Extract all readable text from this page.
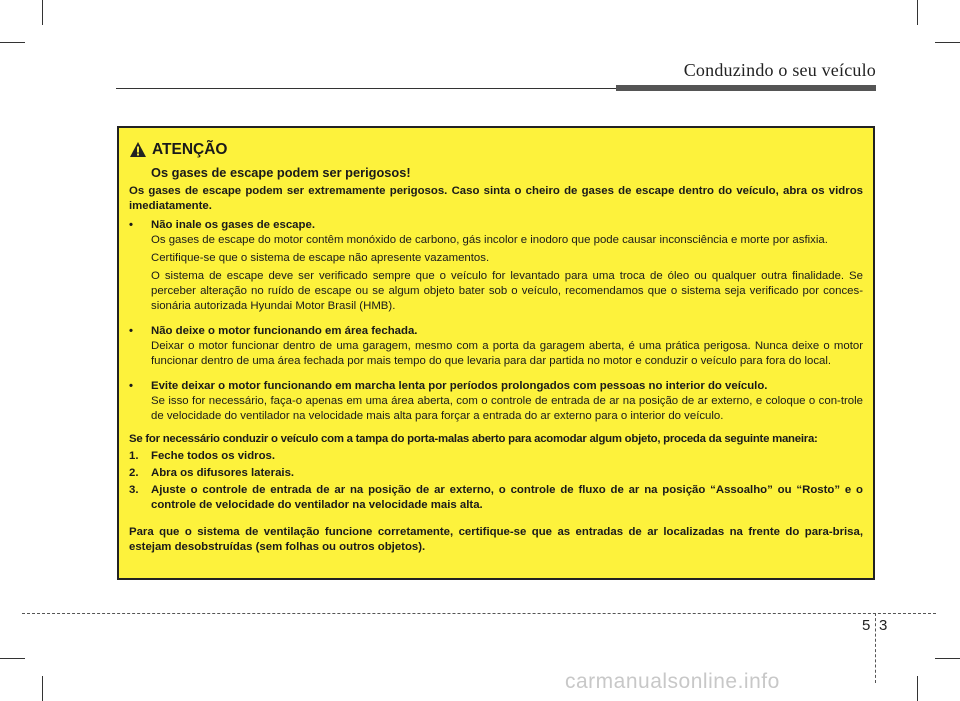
Conduzindo o seu veículo
ATENÇÃO
Os gases de escape podem ser perigosos!

Os gases de escape podem ser extremamente perigosos. Caso sinta o cheiro de gases de escape dentro do veículo, abra os vidros imediatamente.

•	Não inale os gases de escape.
Os gases de escape do motor contêm monóxido de carbono, gás incolor e inodoro que pode causar inconsciência e morte por asfixia.
Certifique-se que o sistema de escape não apresente vazamentos.
O sistema de escape deve ser verificado sempre que o veículo for levantado para uma troca de óleo ou qualquer outra finalidade. Se perceber alteração no ruído de escape ou se algum objeto bater sob o veículo, recomendamos que o sistema seja verificado por conces-sionária autorizada Hyundai Motor Brasil (HMB).
•	Não deixe o motor funcionando em área fechada.
Deixar o motor funcionar dentro de uma garagem, mesmo com a porta da garagem aberta, é uma prática perigosa. Nunca deixe o motor funcionar dentro de uma área fechada por mais tempo do que levaria para dar partida no motor e conduzir o veículo para fora do local.
•	Evite deixar o motor funcionando em marcha lenta por períodos prolongados com pessoas no interior do veículo.
Se isso for necessário, faça-o apenas em uma área aberta, com o controle de entrada de ar na posição de ar externo, e coloque o con-trole de velocidade do ventilador na velocidade mais alta para forçar a entrada do ar externo para o interior do veículo.

Se for necessário conduzir o veículo com a tampa do porta-malas aberto para acomodar algum objeto, proceda da seguinte maneira:

1.	Feche todos os vidros.
2.	Abra os difusores laterais.
3.	Ajuste o controle de entrada de ar na posição de ar externo, o controle de fluxo de ar na posição “Assoalho” ou “Rosto” e o controle de velocidade do ventilador na velocidade mais alta.

Para que o sistema de ventilação funcione corretamente, certifique-se que as entradas de ar localizadas na frente do para-brisa, estejam desobstruídas (sem folhas ou outros objetos).

5 3
carmanualsonline.info
